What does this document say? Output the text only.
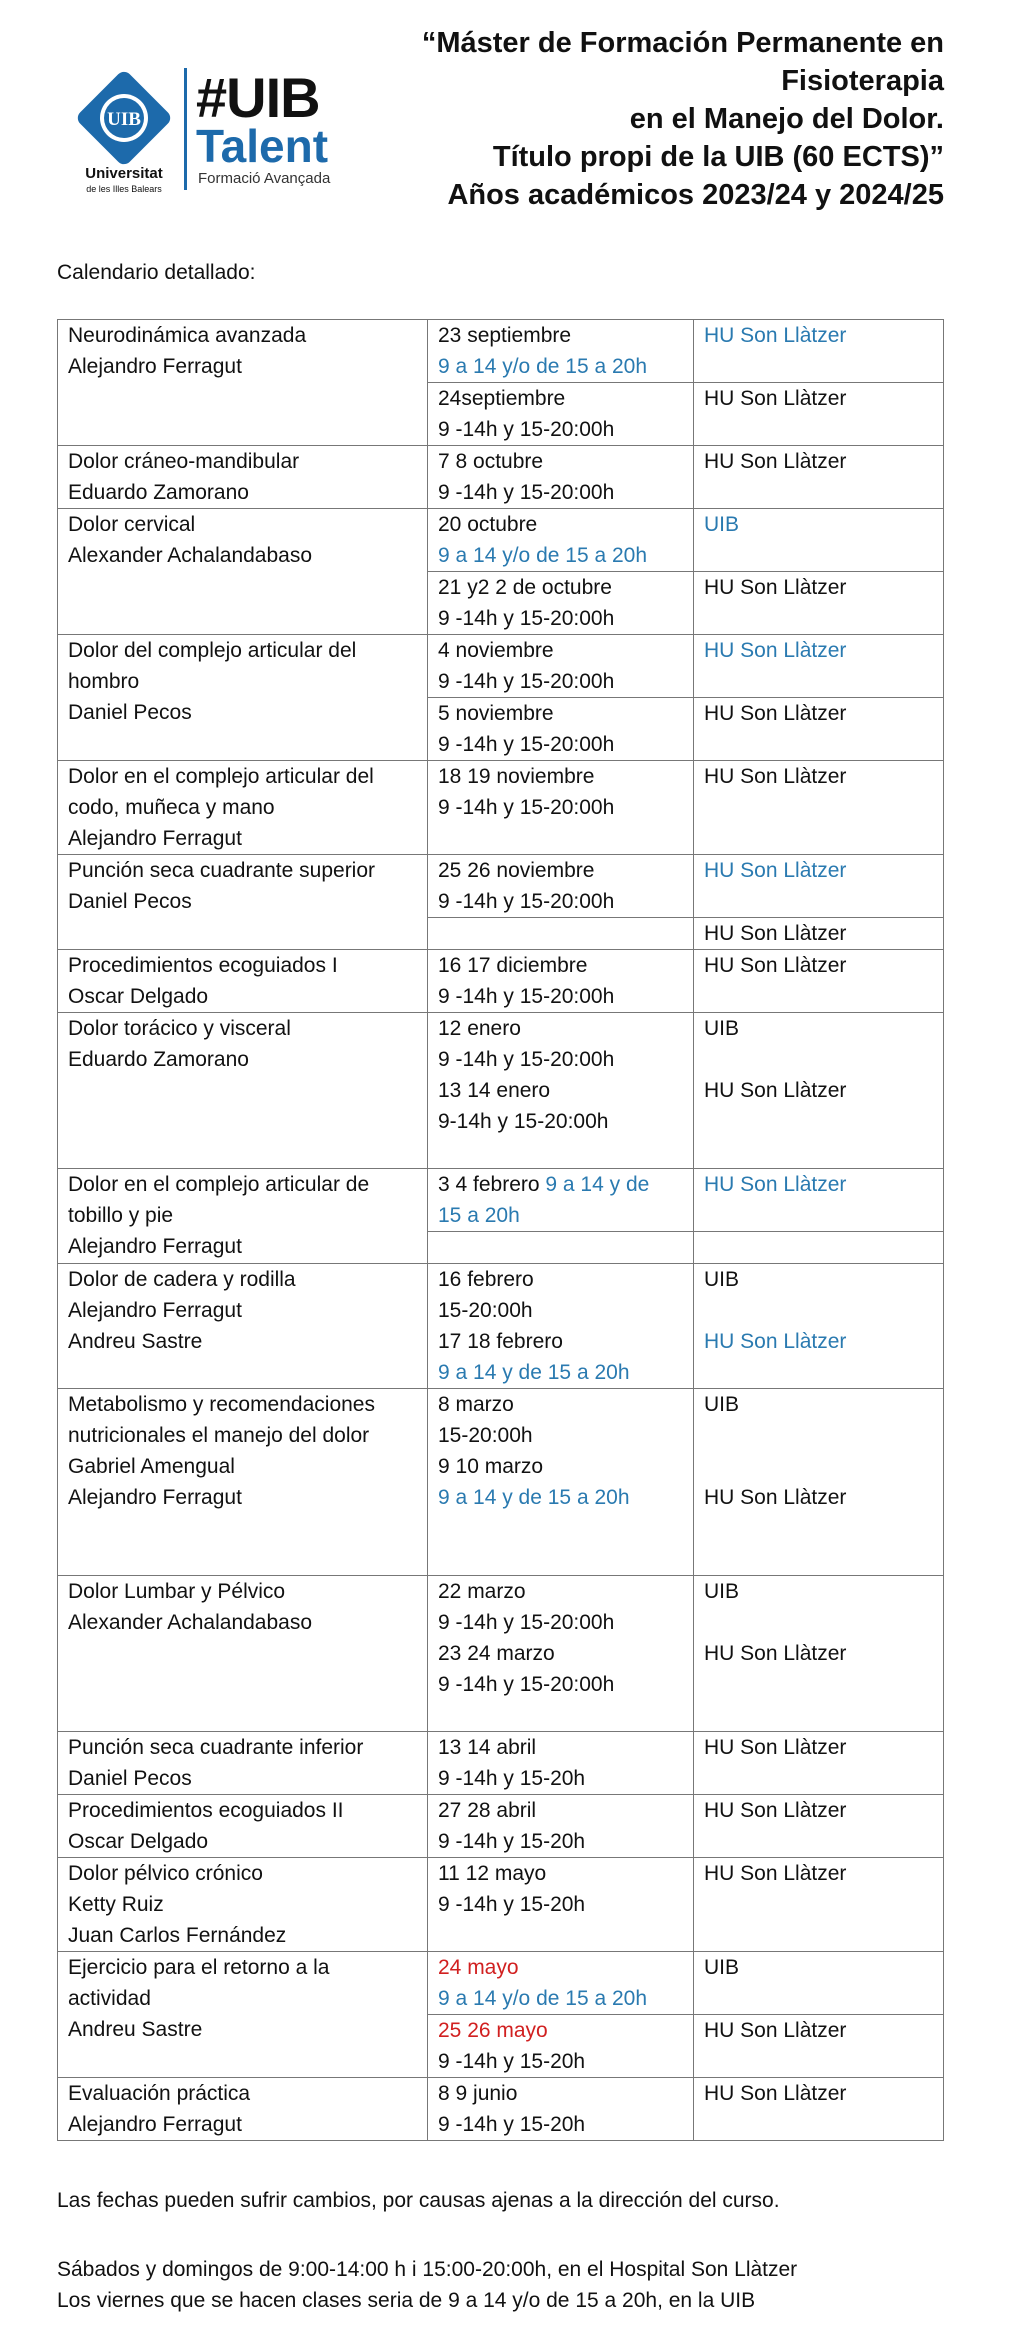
UIB
Universitat
de les Illes Balears
#UIB
Talent
Formació Avançada
“Máster de Formación Permanente en
Fisioterapia
en el Manejo del Dolor.
Título propi de la UIB (60 ECTS)”
Años académicos 2023/24 y 2024/25
Calendario detallado:
Neurodinámica avanzada
Alejandro Ferragut	23 septiembre
9 a 14 y/o de 15 a 20h	HU Son Llàtzer

	24septiembre
9 -14h y 15-20:00h	HU Son Llàtzer

Dolor cráneo-mandibular
Eduardo Zamorano	7 8 octubre
9 -14h y 15-20:00h	HU Son Llàtzer

Dolor cervical
Alexander Achalandabaso	20 octubre
9 a 14 y/o de 15 a 20h	UIB

	21 y2 2 de octubre
9 -14h y 15-20:00h	HU Son Llàtzer

Dolor del complejo articular del
hombro
Daniel Pecos	4 noviembre
9 -14h y 15-20:00h	HU Son Llàtzer

	5 noviembre
9 -14h y 15-20:00h	HU Son Llàtzer

Dolor en el complejo articular del
codo, muñeca y mano
Alejandro Ferragut	18 19 noviembre
9 -14h y 15-20:00h	HU Son Llàtzer

Punción seca cuadrante superior
Daniel Pecos	25 26 noviembre
9 -14h y 15-20:00h	HU Son Llàtzer

		HU Son Llàtzer

Procedimientos ecoguiados I
Oscar Delgado	16 17 diciembre
9 -14h y 15-20:00h	HU Son Llàtzer

Dolor torácico y visceral
Eduardo Zamorano	12 enero
9 -14h y 15-20:00h
13 14 enero
9-14h y 15-20:00h	UIB
HU Son Llàtzer

Dolor en el complejo articular de
tobillo y pie
Alejandro Ferragut	3 4 febrero 9 a 14 y de
15 a 20h	HU Son Llàtzer

Dolor de cadera y rodilla
Alejandro Ferragut
Andreu Sastre	16 febrero
15-20:00h
17 18 febrero
9 a 14 y de 15 a 20h	UIB
HU Son Llàtzer

Metabolismo y recomendaciones
nutricionales el manejo del dolor
Gabriel Amengual
Alejandro Ferragut	8 marzo
15-20:00h
9 10 marzo
9 a 14 y de 15 a 20h	UIB
HU Son Llàtzer

Dolor Lumbar y Pélvico
Alexander Achalandabaso	22 marzo
9 -14h y 15-20:00h
23 24 marzo
9 -14h y 15-20:00h	UIB
HU Son Llàtzer

Punción seca cuadrante inferior
Daniel Pecos	13 14 abril
9 -14h y 15-20h	HU Son Llàtzer

Procedimientos ecoguiados II
Oscar Delgado	27 28 abril
9 -14h y 15-20h	HU Son Llàtzer

Dolor pélvico crónico
Ketty Ruiz
Juan Carlos Fernández	11 12 mayo
9 -14h y 15-20h	HU Son Llàtzer

Ejercicio para el retorno a la
actividad
Andreu Sastre	24 mayo
9 a 14 y/o de 15 a 20h	UIB

	25 26 mayo
9 -14h y 15-20h	HU Son Llàtzer

Evaluación práctica
Alejandro Ferragut	8 9 junio
9 -14h y 15-20h	HU Son Llàtzer
Las fechas pueden sufrir cambios, por causas ajenas a la dirección del curso.
Sábados y domingos de 9:00-14:00 h i 15:00-20:00h, en el Hospital Son Llàtzer
Los viernes que se hacen clases seria de 9 a 14 y/o de 15 a 20h, en la UIB
